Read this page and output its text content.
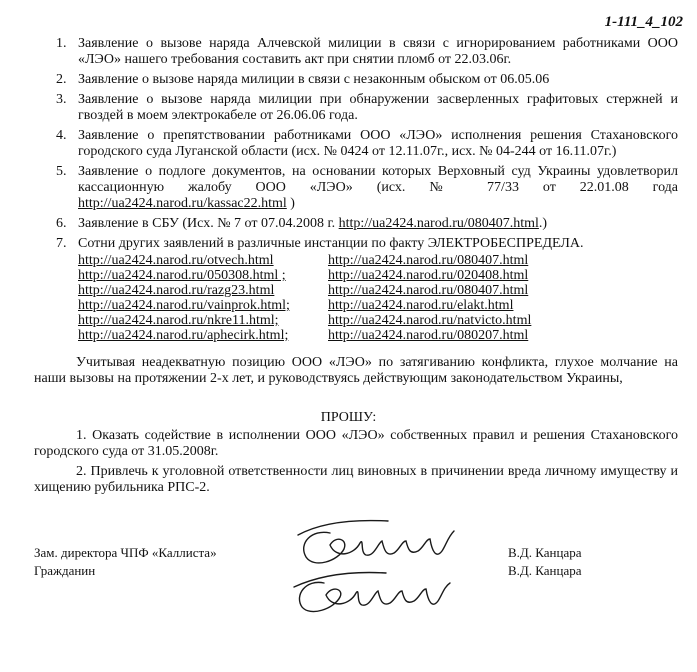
1-111_4_102
1. Заявление о вызове наряда Алчевской милиции в связи с игнорированием работниками ООО «ЛЭО» нашего требования составить акт при снятии пломб от 22.03.06г.
2. Заявление о вызове наряда милиции в связи с незаконным обыском от 06.05.06
3. Заявление о вызове наряда милиции при обнаружении засверленных графитовых стержней и гвоздей в моем электрокабеле от 26.06.06 года.
4. Заявление о препятствовании работниками ООО «ЛЭО» исполнения решения Стахановского городского суда Луганской области (исх. № 0424 от 12.11.07г., исх. № 04-244 от 16.11.07г.)
5. Заявление о подлоге документов, на основании которых Верховный суд Украины удовлетворил кассационную жалобу ООО «ЛЭО» (исх. № 77/33 от 22.01.08 года http://ua2424.narod.ru/kassac22.html )
6. Заявление в СБУ (Исх. № 7 от 07.04.2008 г. http://ua2424.narod.ru/080407.html.)
7. Сотни других заявлений в различные инстанции по факту ЭЛЕКТРОБЕСПРЕДЕЛА.
http://ua2424.narod.ru/otvech.html	http://ua2424.narod.ru/080407.html
http://ua2424.narod.ru/050308.html ;	http://ua2424.narod.ru/020408.html
http://ua2424.narod.ru/razg23.html	http://ua2424.narod.ru/080407.html
http://ua2424.narod.ru/vainprok.html;	http://ua2424.narod.ru/elakt.html
http://ua2424.narod.ru/nkre11.html;	http://ua2424.narod.ru/natvicto.html
http://ua2424.narod.ru/aphecirk.html;	http://ua2424.narod.ru/080207.html
Учитывая неадекватную позицию ООО «ЛЭО» по затягиванию конфликта, глухое молчание на наши вызовы на протяжении 2-х лет, и руководствуясь действующим законодательством Украины,
ПРОШУ:
1. Оказать содействие в исполнении ООО «ЛЭО» собственных правил и решения Стахановского городского суда от 31.05.2008г.
2. Привлечь к уголовной ответственности лиц виновных в причинении вреда личному имуществу и хищению рубильника РПС-2.
Зам. директора ЧПФ «Каллиста»	В.Д. Канцара
Гражданин	В.Д. Канцара
